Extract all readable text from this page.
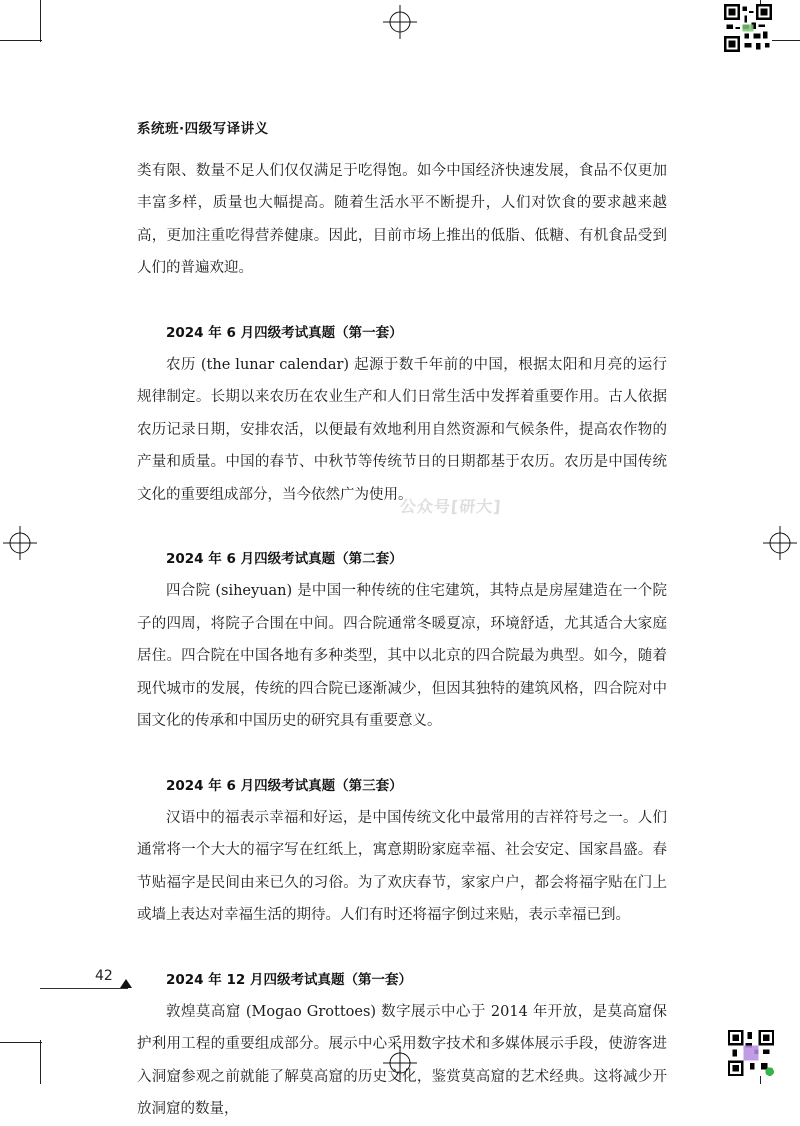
系统班·四级写译讲义
公众号[研大]

类有限、数量不足人们仅仅满足于吃得饱。如今中国经济快速发展，食品不仅更加丰富多样，质量也大幅提高。随着生活水平不断提升，人们对饮食的要求越来越高，更加注重吃得营养健康。因此，目前市场上推出的低脂、低糖、有机食品受到人们的普遍欢迎。

2024 年 6 月四级考试真题（第一套）

农历 (the lunar calendar) 起源于数千年前的中国，根据太阳和月亮的运行规律制定。长期以来农历在农业生产和人们日常生活中发挥着重要作用。古人依据农历记录日期，安排农活，以便最有效地利用自然资源和气候条件，提高农作物的产量和质量。中国的春节、中秋节等传统节日的日期都基于农历。农历是中国传统文化的重要组成部分，当今依然广为使用。

2024 年 6 月四级考试真题（第二套）

四合院 (siheyuan) 是中国一种传统的住宅建筑，其特点是房屋建造在一个院子的四周，将院子合围在中间。四合院通常冬暖夏凉，环境舒适，尤其适合大家庭居住。四合院在中国各地有多种类型，其中以北京的四合院最为典型。如今，随着现代城市的发展，传统的四合院已逐渐减少，但因其独特的建筑风格，四合院对中国文化的传承和中国历史的研究具有重要意义。

2024 年 6 月四级考试真题（第三套）

汉语中的福表示幸福和好运，是中国传统文化中最常用的吉祥符号之一。人们通常将一个大大的福字写在红纸上，寓意期盼家庭幸福、社会安定、国家昌盛。春节贴福字是民间由来已久的习俗。为了欢庆春节，家家户户，都会将福字贴在门上或墙上表达对幸福生活的期待。人们有时还将福字倒过来贴，表示幸福已到。

2024 年 12 月四级考试真题（第一套）

敦煌莫高窟 (Mogao Grottoes) 数字展示中心于 2014 年开放，是莫高窟保护利用工程的重要组成部分。展示中心采用数字技术和多媒体展示手段，使游客进入洞窟参观之前就能了解莫高窟的历史文化，鉴赏莫高窟的艺术经典。这将减少开放洞窟的数量，

42
